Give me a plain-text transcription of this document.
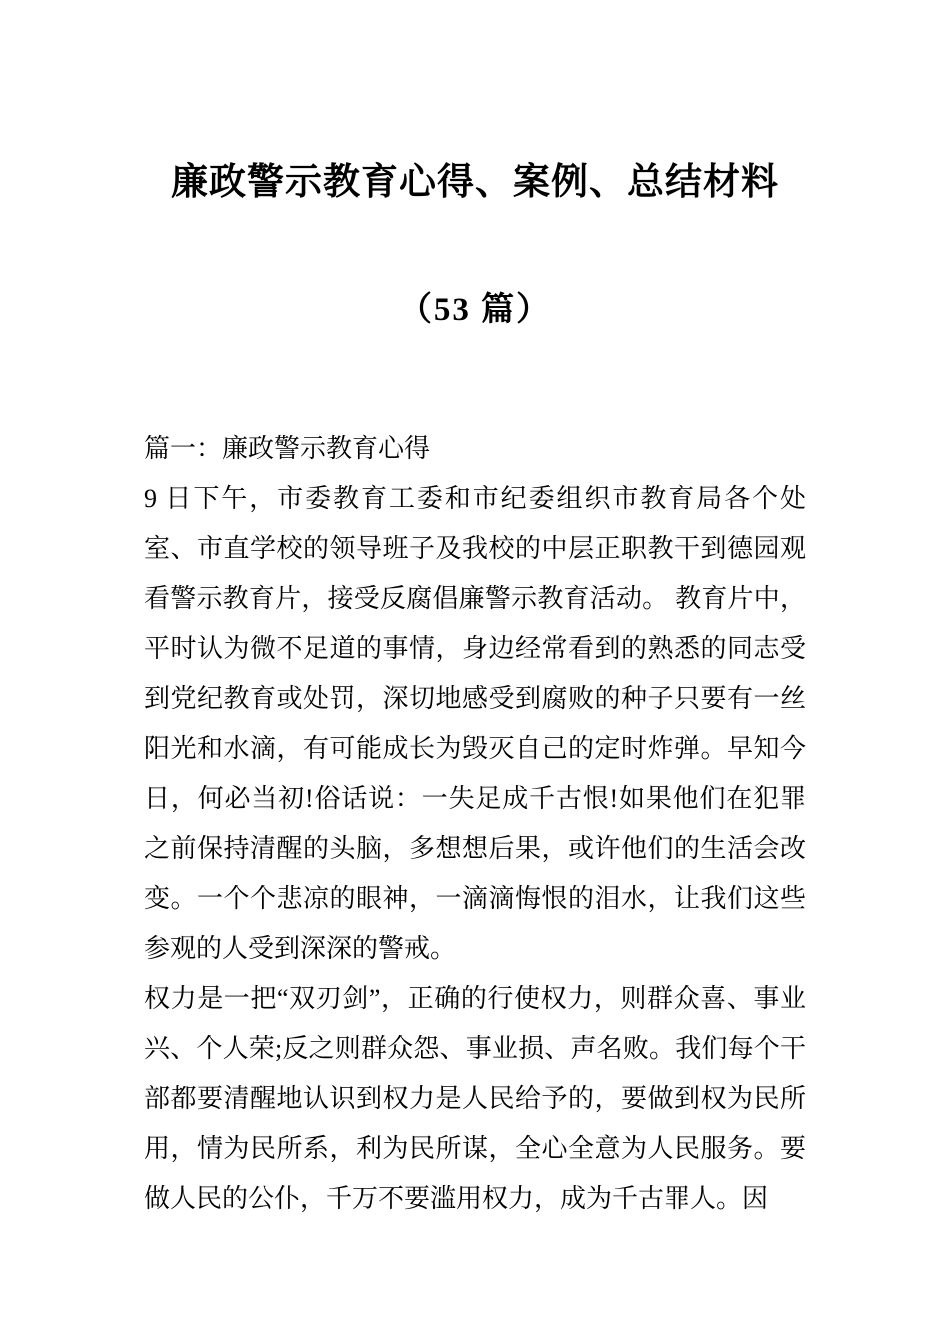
廉政警示教育心得、案例、总结材料
（53 篇）

篇一：廉政警示教育心得

9 日下午，市委教育工委和市纪委组织市教育局各个处室、市直学校的领导班子及我校的中层正职教干到德园观看警示教育片，接受反腐倡廉警示教育活动。 教育片中，平时认为微不足道的事情，身边经常看到的熟悉的同志受到党纪教育或处罚，深切地感受到腐败的种子只要有一丝阳光和水滴，有可能成长为毁灭自己的定时炸弹。早知今日，何必当初!俗话说：一失足成千古恨!如果他们在犯罪之前保持清醒的头脑，多想想后果，或许他们的生活会改变。一个个悲凉的眼神，一滴滴悔恨的泪水，让我们这些参观的人受到深深的警戒。

权力是一把“双刃剑”，正确的行使权力，则群众喜、事业兴、个人荣;反之则群众怨、事业损、声名败。我们每个干部都要清醒地认识到权力是人民给予的，要做到权为民所用，情为民所系，利为民所谋，全心全意为人民服务。要做人民的公仆，千万不要滥用权力，成为千古罪人。因
